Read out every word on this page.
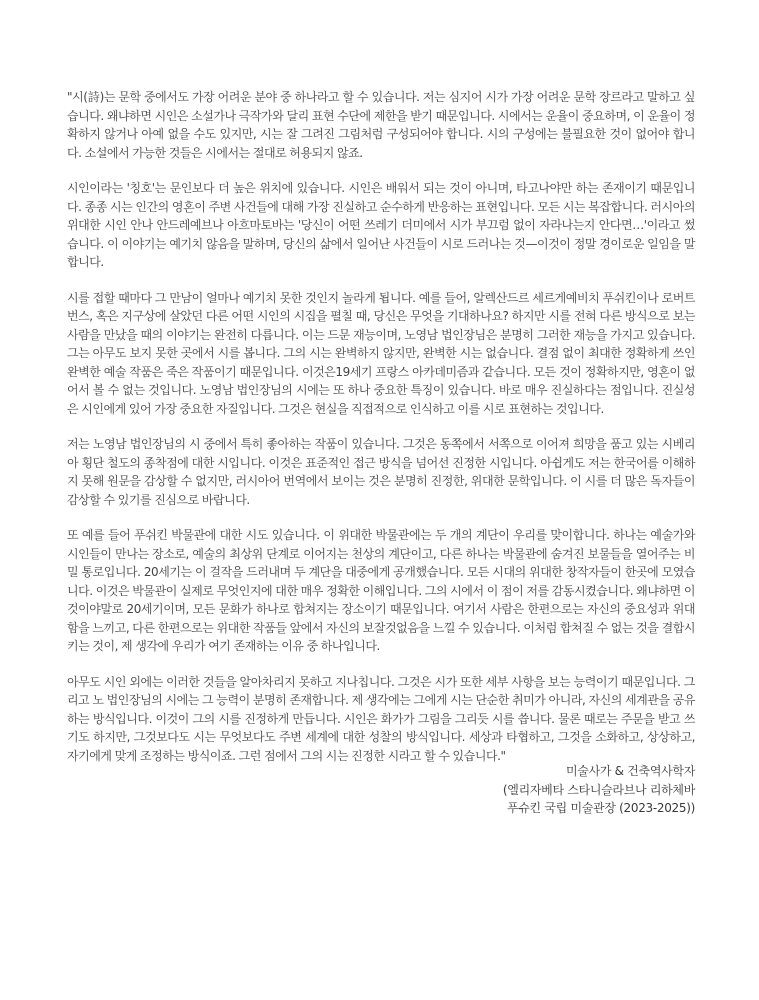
"시(詩)는 문학 중에서도 가장 어려운 분야 중 하나라고 할 수 있습니다. 저는 심지어 시가 가장 어려운 문학 장르라고 말하고 싶습니다. 왜냐하면 시인은 소설가나 극작가와 달리 표현 수단에 제한을 받기 때문입니다. 시에서는 운율이 중요하며, 이 운율이 정확하지 않거나 아예 없을 수도 있지만, 시는 잘 그려진 그림처럼 구성되어야 합니다. 시의 구성에는 불필요한 것이 없어야 합니다. 소설에서 가능한 것들은 시에서는 절대로 허용되지 않죠.

시인이라는 '칭호'는 문인보다 더 높은 위치에 있습니다. 시인은 배워서 되는 것이 아니며, 타고나야만 하는 존재이기 때문입니다. 종종 시는 인간의 영혼이 주변 사건들에 대해 가장 진실하고 순수하게 반응하는 표현입니다. 모든 시는 복잡합니다. 러시아의 위대한 시인 안나 안드레예브나 아흐마토바는 '당신이 어떤 쓰레기 더미에서 시가 부끄럼 없이 자라나는지 안다면…'이라고 썼습니다. 이 이야기는 예기치 않음을 말하며, 당신의 삶에서 일어난 사건들이 시로 드러나는 것—이것이 정말 경이로운 일임을 말합니다.

시를 접할 때마다 그 만남이 얼마나 예기치 못한 것인지 놀라게 됩니다. 예를 들어, 알렉산드르 세르게예비치 푸쉬킨이나 로버트 번스, 혹은 지구상에 살았던 다른 어떤 시인의 시집을 펼칠 때, 당신은 무엇을 기대하나요? 하지만 시를 전혀 다른 방식으로 보는 사람을 만났을 때의 이야기는 완전히 다릅니다. 이는 드문 재능이며, 노영남 법인장님은 분명히 그러한 재능을 가지고 있습니다. 그는 아무도 보지 못한 곳에서 시를 봅니다. 그의 시는 완벽하지 않지만, 완벽한 시는 없습니다. 결점 없이 최대한 정확하게 쓰인 완벽한 예술 작품은 죽은 작품이기 때문입니다. 이것은19세기 프랑스 아카데미즘과 같습니다. 모든 것이 정확하지만, 영혼이 없어서 볼 수 없는 것입니다. 노영남 법인장님의 시에는 또 하나 중요한 특징이 있습니다. 바로 매우 진실하다는 점입니다. 진실성은 시인에게 있어 가장 중요한 자질입니다. 그것은 현실을 직접적으로 인식하고 이를 시로 표현하는 것입니다.

저는 노영남 법인장님의 시 중에서 특히 좋아하는 작품이 있습니다. 그것은 동쪽에서 서쪽으로 이어져 희망을 품고 있는 시베리아 횡단 철도의 종착점에 대한 시입니다. 이것은 표준적인 접근 방식을 넘어선 진정한 시입니다. 아쉽게도 저는 한국어를 이해하지 못해 원문을 감상할 수 없지만, 러시아어 번역에서 보이는 것은 분명히 진정한, 위대한 문학입니다. 이 시를 더 많은 독자들이 감상할 수 있기를 진심으로 바랍니다.

또 예를 들어 푸쉬킨 박물관에 대한 시도 있습니다. 이 위대한 박물관에는 두 개의 계단이 우리를 맞이합니다. 하나는 예술가와 시인들이 만나는 장소로, 예술의 최상위 단계로 이어지는 천상의 계단이고, 다른 하나는 박물관에 숨겨진 보물들을 열어주는 비밀 통로입니다. 20세기는 이 걸작을 드러내며 두 계단을 대중에게 공개했습니다. 모든 시대의 위대한 창작자들이 한곳에 모였습니다. 이것은 박물관이 실제로 무엇인지에 대한 매우 정확한 이해입니다. 그의 시에서 이 점이 저를 감동시켰습니다. 왜냐하면 이것이야말로 20세기이며, 모든 문화가 하나로 합쳐지는 장소이기 때문입니다. 여기서 사람은 한편으로는 자신의 중요성과 위대함을 느끼고, 다른 한편으로는 위대한 작품들 앞에서 자신의 보잘것없음을 느낄 수 있습니다. 이처럼 합쳐질 수 없는 것을 결합시키는 것이, 제 생각에 우리가 여기 존재하는 이유 중 하나입니다.

아무도 시인 외에는 이러한 것들을 알아차리지 못하고 지나칩니다. 그것은 시가 또한 세부 사항을 보는 능력이기 때문입니다. 그리고 노 법인장님의 시에는 그 능력이 분명히 존재합니다. 제 생각에는 그에게 시는 단순한 취미가 아니라, 자신의 세계관을 공유하는 방식입니다. 이것이 그의 시를 진정하게 만듭니다. 시인은 화가가 그림을 그리듯 시를 씁니다. 물론 때로는 주문을 받고 쓰기도 하지만, 그것보다도 시는 무엇보다도 주변 세계에 대한 성찰의 방식입니다. 세상과 타협하고, 그것을 소화하고, 상상하고, 자기에게 맞게 조정하는 방식이죠. 그런 점에서 그의 시는 진정한 시라고 할 수 있습니다."

미술사가 & 건축역사학자
(엘리자베타 스타니슬라브나 리하체바
푸슈킨 국립 미술관장 (2023-2025))
